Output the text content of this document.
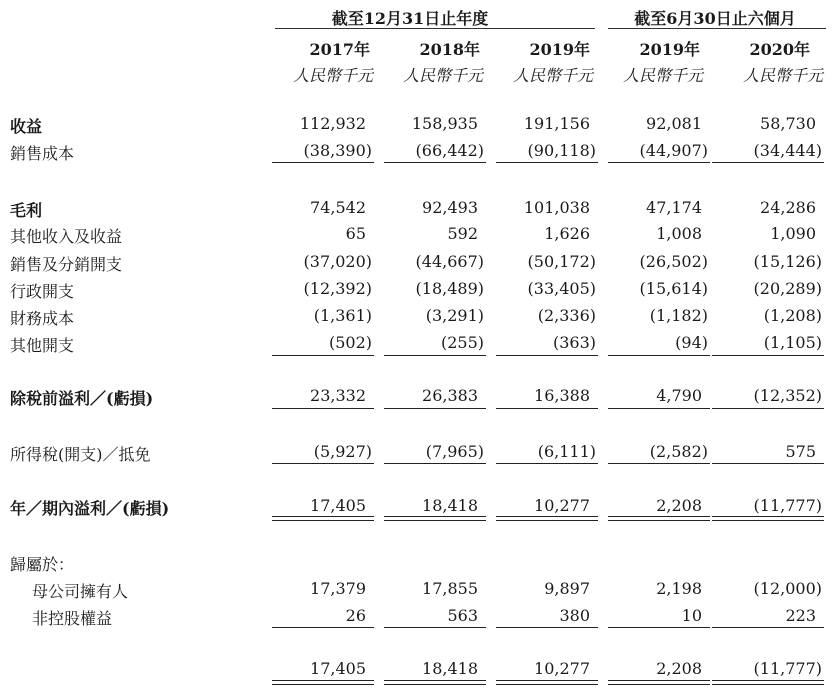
截至12月31日止年度	截至6月30日止六個月
2017年	2018年	2019年	2019年	2020年
人民幣千元	人民幣千元	人民幣千元	人民幣千元	人民幣千元
收益	112,932	158,935	191,156	92,081	58,730
銷售成本	(38,390)	(66,442)	(90,118)	(44,907)	(34,444)
毛利	74,542	92,493	101,038	47,174	24,286
其他收入及收益	65	592	1,626	1,008	1,090
銷售及分銷開支	(37,020)	(44,667)	(50,172)	(26,502)	(15,126)
行政開支	(12,392)	(18,489)	(33,405)	(15,614)	(20,289)
財務成本	(1,361)	(3,291)	(2,336)	(1,182)	(1,208)
其他開支	(502)	(255)	(363)	(94)	(1,105)
除稅前溢利／(虧損)	23,332	26,383	16,388	4,790	(12,352)
所得稅(開支)／抵免	(5,927)	(7,965)	(6,111)	(2,582)	575
年／期內溢利／(虧損)	17,405	18,418	10,277	2,208	(11,777)
歸屬於：
母公司擁有人	17,379	17,855	9,897	2,198	(12,000)
非控股權益	26	563	380	10	223
17,405	18,418	10,277	2,208	(11,777)
